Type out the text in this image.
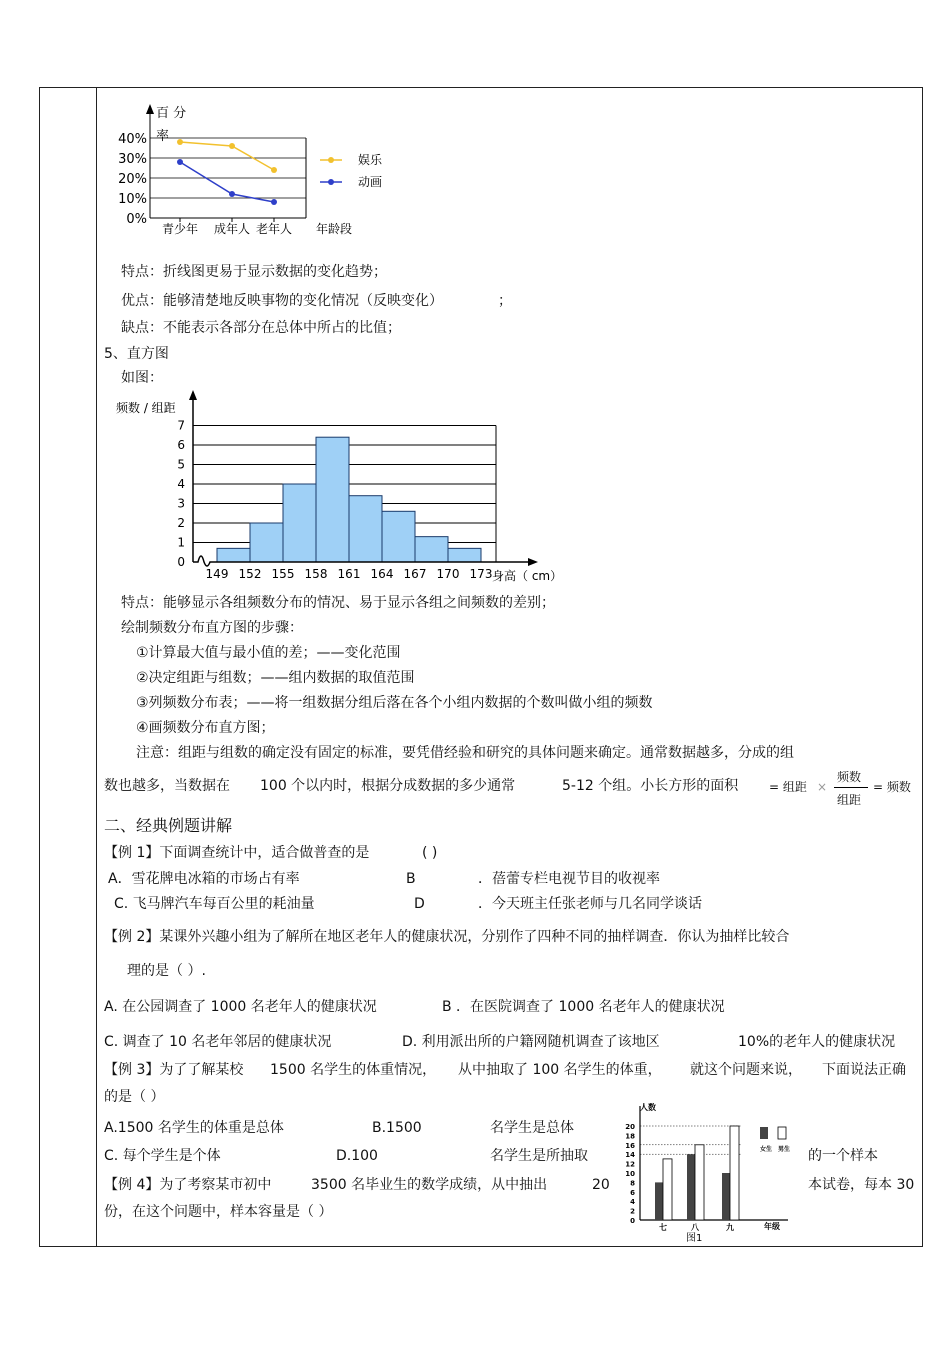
百 分
率
40%
30%
20%
10%
0%
青少年 成年人 老年人 年龄段
娱乐
动画
特点：折线图更易于显示数据的变化趋势；
优点：能够清楚地反映事物的变化情况（反映变化）	；
缺点：不能表示各部分在总体中所占的比值；
5、直方图
如图：
频数 / 组距
0
1
2
3
4
5
6
7
149 152 155 158 161 164 167 170 173 身高（ cm）
特点：能够显示各组频数分布的情况、易于显示各组之间频数的差别；
绘制频数分布直方图的步骤：
①计算最大值与最小值的差；——变化范围
②决定组距与组数；——组内数据的取值范围
③列频数分布表；——将一组数据分组后落在各个小组内数据的个数叫做小组的频数
④画频数分布直方图；
注意：组距与组数的确定没有固定的标准，要凭借经验和研究的具体问题来确定。通常数据越多，分成的组
数也越多，当数据在 100 个以内时，根据分成数据的多少通常	5-12 个组。小长方形的面积	= 组距 ×
频数
组距
= 频数
二、经典例题讲解
【例 1】下面调查统计中，适合做普查的是	( )
A．雪花牌电冰箱的市场占有率	B	．蓓蕾专栏电视节目的收视率
C. 飞马牌汽车每百公里的耗油量	D	．今天班主任张老师与几名同学谈话
【例 2】某课外兴趣小组为了解所在地区老年人的健康状况，分别作了四种不同的抽样调查．你认为抽样比较合
理的是（ ）.
A. 在公园调查了 1000 名老年人的健康状况	B ．在医院调查了 1000 名老年人的健康状况
C. 调查了 10 名老年邻居的健康状况	D. 利用派出所的户籍网随机调查了该地区	10%的老年人的健康状况
【例 3】为了了解某校 1500 名学生的体重情况， 从中抽取了 100 名学生的体重， 就这个问题来说， 下面说法正确
的是（ ）
A.1500 名学生的体重是总体	B.1500	名学生是总体
C. 每个学生是个体	D.100	名学生是所抽取	的一个样本
【例 4】为了考察某市初中	3500 名毕业生的数学成绩，从中抽出	20	本试卷，每本 30
份，在这个问题中，样本容量是（ ）
人数
20
18
16
14
12
10
8
6
4
2
0
七	八	九	年级
女生 男生
图1
